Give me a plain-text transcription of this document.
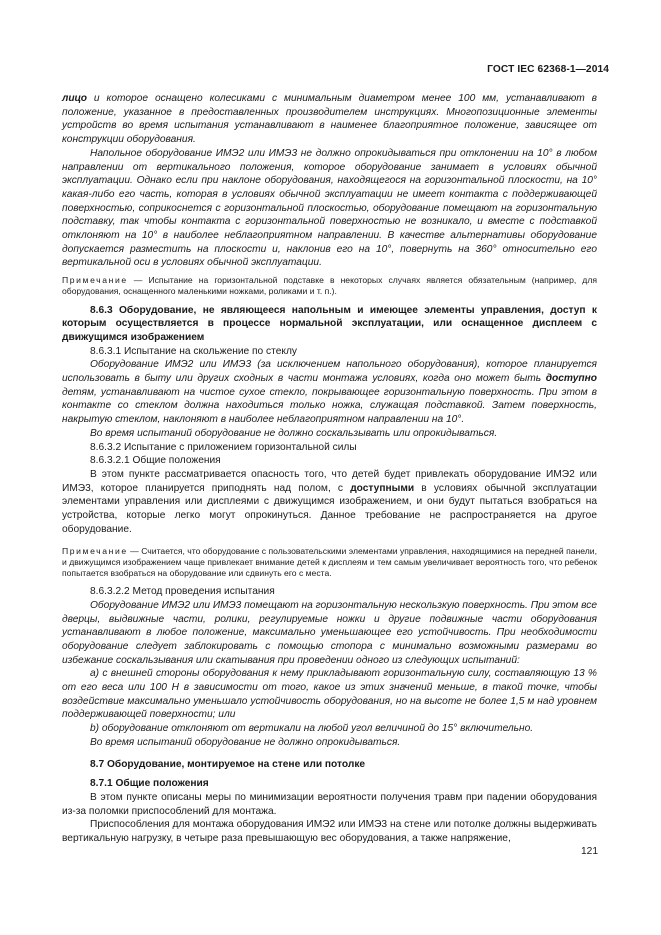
ГОСТ IEC 62368-1—2014

лицо и которое оснащено колесиками с минимальным диаметром менее 100 мм, устанавливают в положение, указанное в предоставленных производителем инструкциях. Многопозиционные элементы устройств во время испытания устанавливают в наименее благоприятное положение, зависящее от конструкции оборудования.

Напольное оборудование ИМЭ2 или ИМЭ3 не должно опрокидываться при отклонении на 10° в любом направлении от вертикального положения, которое оборудование занимает в условиях обычной эксплуатации. Однако если при наклоне оборудования, находящегося на горизонтальной плоскости, на 10° какая-либо его часть, которая в условиях обычной эксплуатации не имеет контакта с поддерживающей поверхностью, соприкоснется с горизонтальной плоскостью, оборудование помещают на горизонтальную подставку, так чтобы контакта с горизонтальной поверхностью не возникало, и вместе с подставкой отклоняют на 10° в наиболее неблагоприятном направлении. В качестве альтернативы оборудование допускается разместить на плоскости и, наклонив его на 10°, повернуть на 360° относительно его вертикальной оси в условиях обычной эксплуатации.

Примечание — Испытание на горизонтальной подставке в некоторых случаях является обязательным (например, для оборудования, оснащенного маленькими ножками, роликами и т. п.).

8.6.3 Оборудование, не являющееся напольным и имеющее элементы управления, доступ к которым осуществляется в процессе нормальной эксплуатации, или оснащенное дисплеем с движущимся изображением

8.6.3.1 Испытание на скольжение по стеклу

Оборудование ИМЭ2 или ИМЭ3 (за исключением напольного оборудования), которое планируется использовать в быту или других сходных в части монтажа условиях, когда оно может быть доступно детям, устанавливают на чистое сухое стекло, покрывающее горизонтальную поверхность. При этом в контакте со стеклом должна находиться только ножка, служащая подставкой. Затем поверхность, накрытую стеклом, наклоняют в наиболее неблагоприятном направлении на 10°.

Во время испытаний оборудование не должно соскальзывать или опрокидываться.

8.6.3.2 Испытание с приложением горизонтальной силы

8.6.3.2.1 Общие положения

В этом пункте рассматривается опасность того, что детей будет привлекать оборудование ИМЭ2 или ИМЭ3, которое планируется приподнять над полом, с доступными в условиях обычной эксплуатации элементами управления или дисплеями с движущимся изображением, и они будут пытаться взобраться на устройства, которые легко могут опрокинуться. Данное требование не распространяется на другое оборудование.

Примечание — Считается, что оборудование с пользовательскими элементами управления, находящимися на передней панели, и движущимся изображением чаще привлекает внимание детей к дисплеям и тем самым увеличивает вероятность того, что ребенок попытается взобраться на оборудование или сдвинуть его с места.

8.6.3.2.2 Метод проведения испытания

Оборудование ИМЭ2 или ИМЭ3 помещают на горизонтальную нескользкую поверхность. При этом все дверцы, выдвижные части, ролики, регулируемые ножки и другие подвижные части оборудования устанавливают в любое положение, максимально уменьшающее его устойчивость. При необходимости оборудование следует заблокировать с помощью стопора с минимально возможными размерами во избежание соскальзывания или скатывания при проведении одного из следующих испытаний:

a) с внешней стороны оборудования к нему прикладывают горизонтальную силу, составляющую 13 % от его веса или 100 Н в зависимости от того, какое из этих значений меньше, в такой точке, чтобы воздействие максимально уменьшало устойчивость оборудования, но на высоте не более 1,5 м над уровнем поддерживающей поверхности; или

b) оборудование отклоняют от вертикали на любой угол величиной до 15° включительно.

Во время испытаний оборудование не должно опрокидываться.

8.7 Оборудование, монтируемое на стене или потолке

8.7.1 Общие положения

В этом пункте описаны меры по минимизации вероятности получения травм при падении оборудования из-за поломки приспособлений для монтажа.

Приспособления для монтажа оборудования ИМЭ2 или ИМЭ3 на стене или потолке должны выдерживать вертикальную нагрузку, в четыре раза превышающую вес оборудования, а также напряжение,

121
